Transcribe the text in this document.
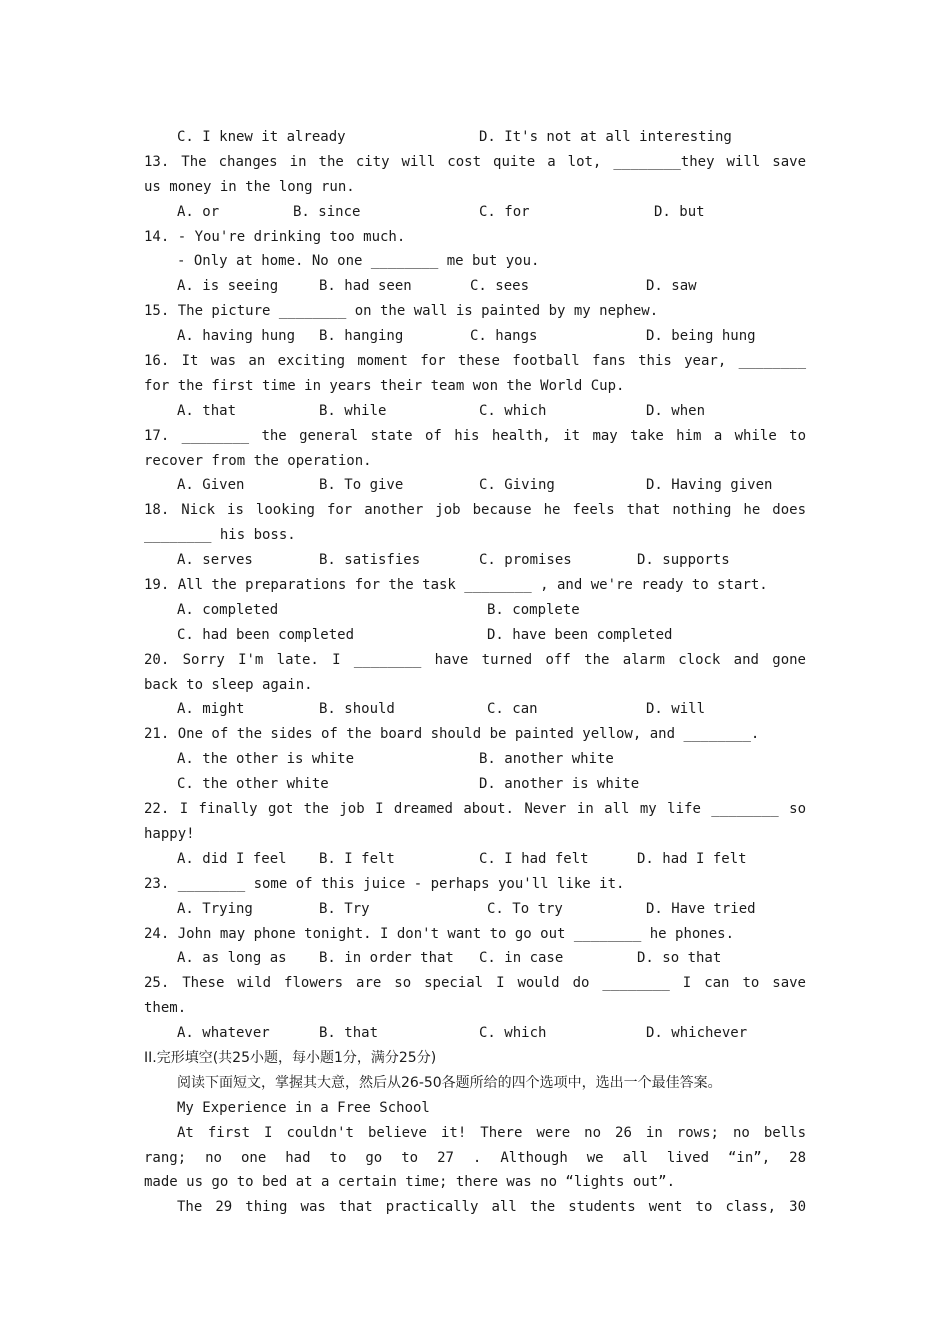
C. I knew it already

	D. It's not at all interesting

13. The changes in the city will cost quite a lot, ________they will save
us money in the long run.

A. or

	B. since

	C. for

	D. but

14. - You're drinking too much.
- Only at home. No one ________ me but you.

A. is seeing

	B. had seen

	C. sees

	D. saw

15. The picture ________ on the wall is painted by my nephew.

A. having hung

B. hanging

	C. hangs

	D. being hung

16. It was an exciting moment for these football fans this year, ________
for the first time in years their team won the World Cup.

A. that

	B. while

	C. which

	D. when

17. ________ the general state of his health, it may take him a while to
recover from the operation.

A. Given

	B. To give

	C. Giving

	D. Having given

18. Nick is looking for another job because he feels that nothing he does
________ his boss.

A. serves

	B. satisfies

	C. promises

	D. supports

19. All the preparations for the task ________ , and we're ready to start.

A. completed

	B. complete

C. had been completed

	D. have been completed

20. Sorry I'm late. I ________ have turned off the alarm clock and gone
back to sleep again.

A. might

	B. should

	C. can

	D. will

21. One of the sides of the board should be painted yellow, and ________.

A. the other is white

	B. another white

C. the other white

	D. another is white

22. I finally got the job I dreamed about. Never in all my life ________ so
happy!

A. did I feel

B. I felt

	C. I had felt

	D. had I felt

23. ________ some of this juice - perhaps you'll like it.

A. Trying

	B. Try

	C. To try

	D. Have tried

24. John may phone tonight. I don't want to go out ________ he phones.

A. as long as

B. in order that

C. in case

	D. so that

25. These wild flowers are so special I would do ________ I can to save
them.

A. whatever

	B. that

	C. which

	D. whichever

II.完形填空(共25小题，每小题1分，满分25分)
阅读下面短文，掌握其大意，然后从26-50各题所给的四个选项中，选出一个最佳答案。
My Experience in a Free School
At first I couldn't believe it! There were no 26 in rows; no bells
rang; no one had to go to 27 . Although we all lived “in”, 28
made us go to bed at a certain time; there was no “lights out”.
The 29 thing was that practically all the students went to class, 30
